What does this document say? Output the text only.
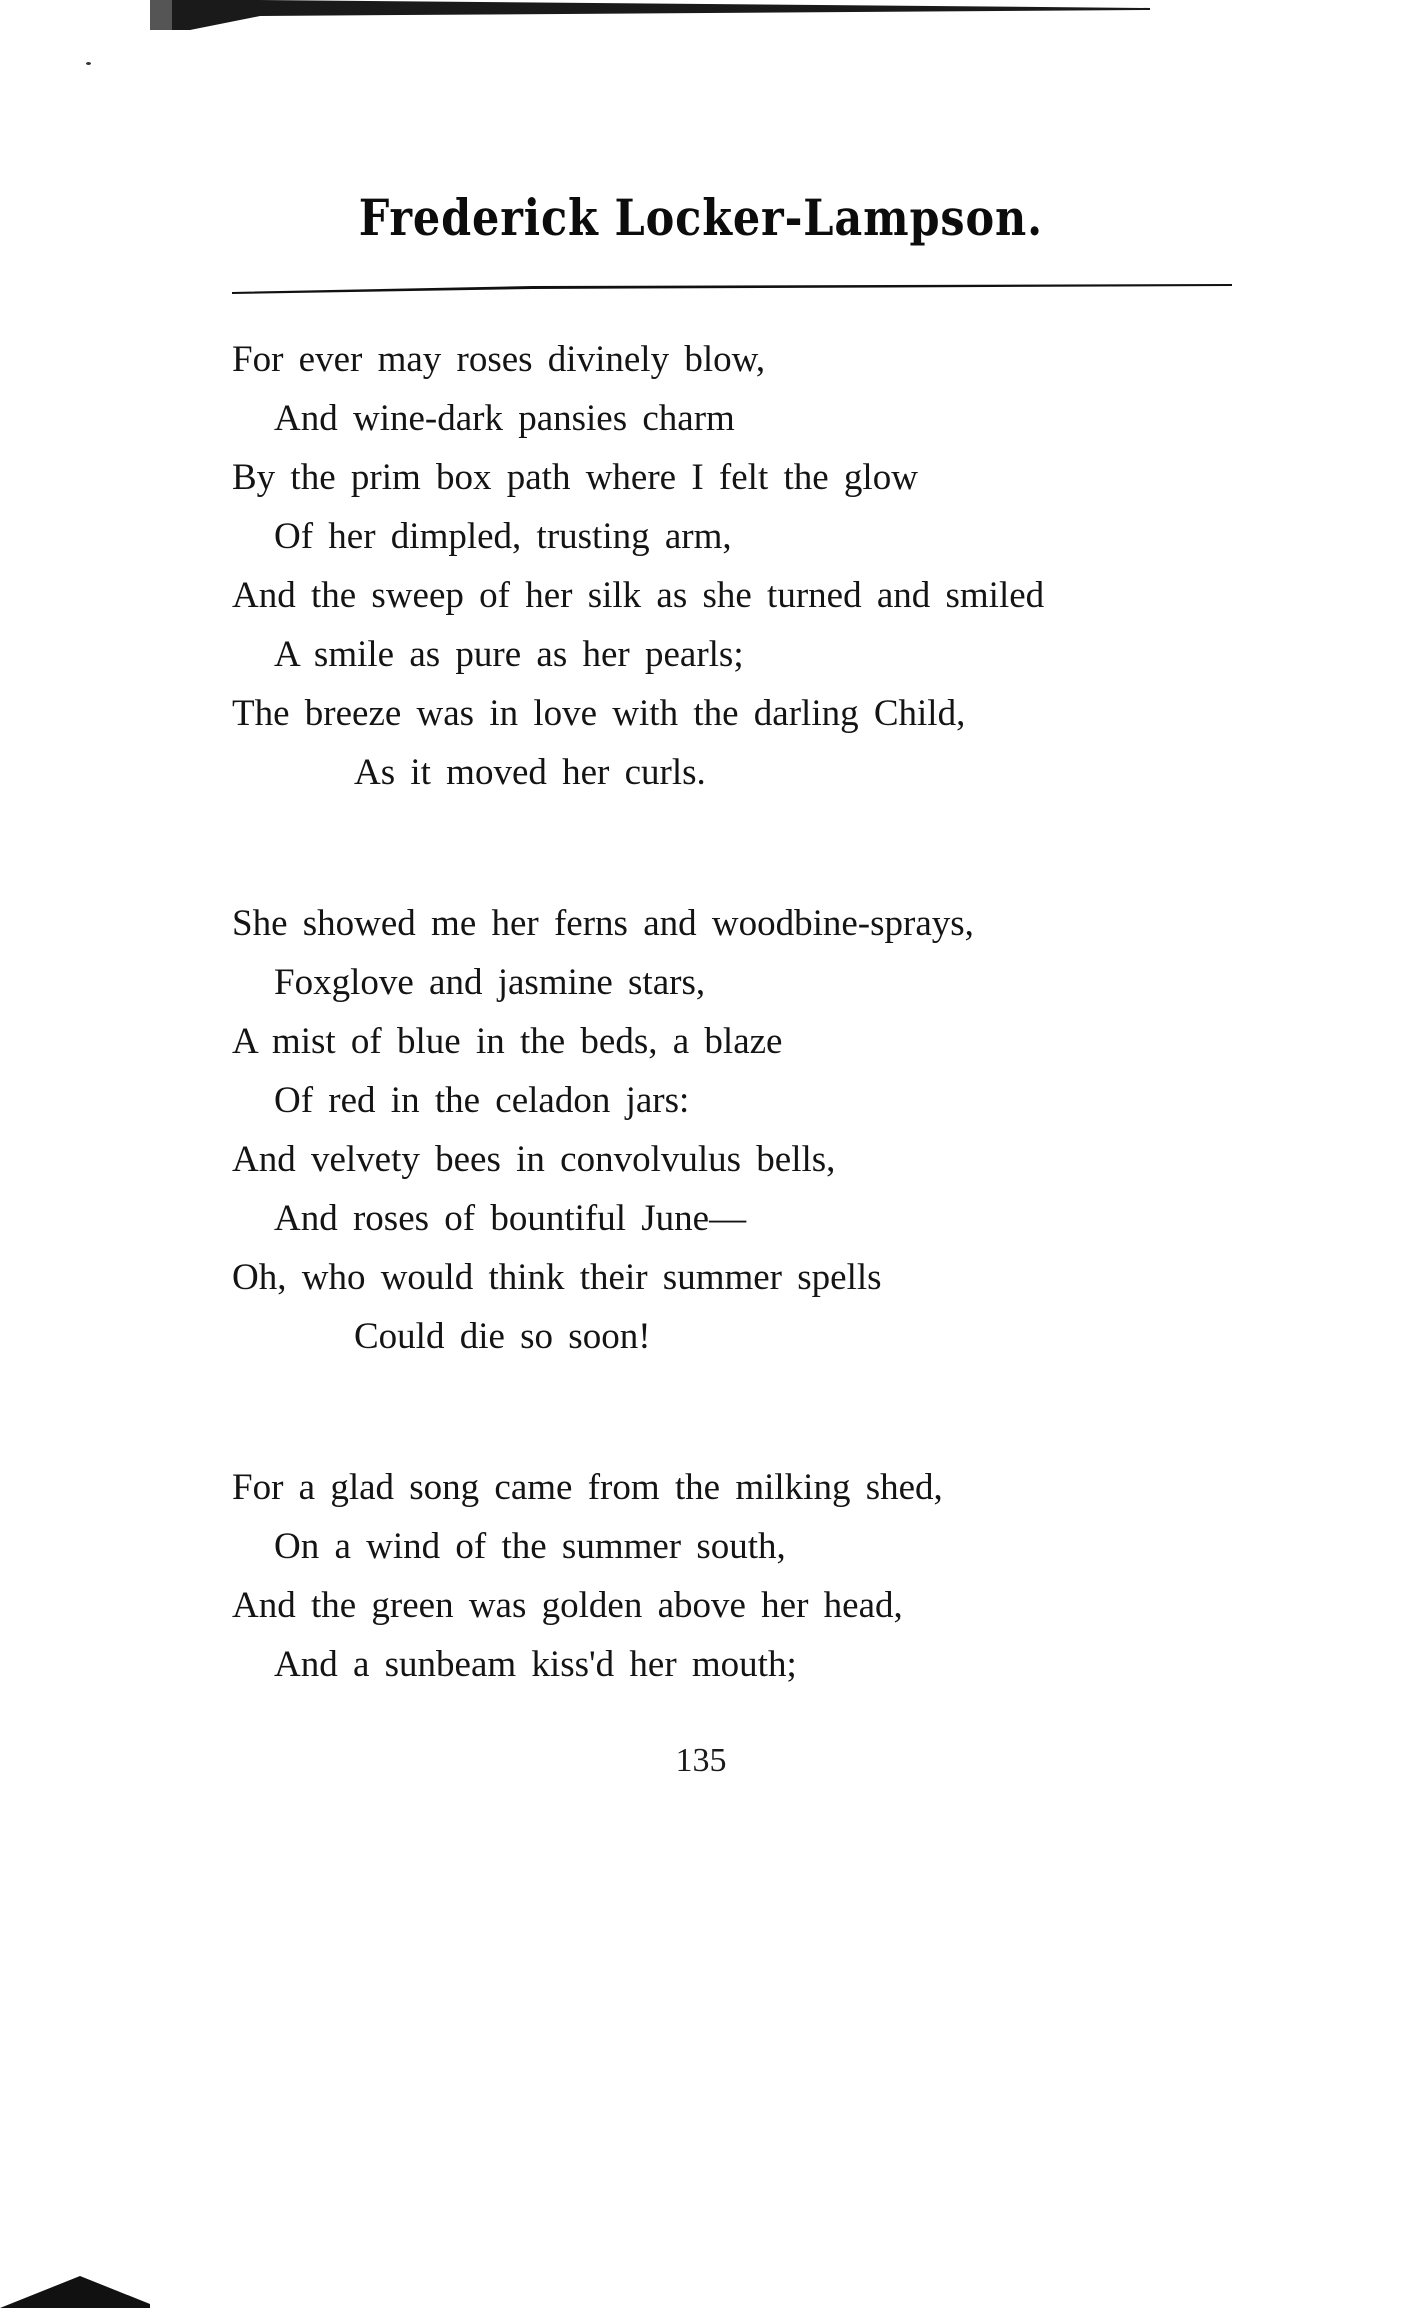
Frederick Locker-Lampson.
For ever may roses divinely blow,
And wine-dark pansies charm
By the prim box path where I felt the glow
Of her dimpled, trusting arm,
And the sweep of her silk as she turned and smiled
A smile as pure as her pearls;
The breeze was in love with the darling Child,
As it moved her curls.
She showed me her ferns and woodbine-sprays,
Foxglove and jasmine stars,
A mist of blue in the beds, a blaze
Of red in the celadon jars:
And velvety bees in convolvulus bells,
And roses of bountiful June—
Oh, who would think their summer spells
Could die so soon!
For a glad song came from the milking shed,
On a wind of the summer south,
And the green was golden above her head,
And a sunbeam kiss'd her mouth;
135
